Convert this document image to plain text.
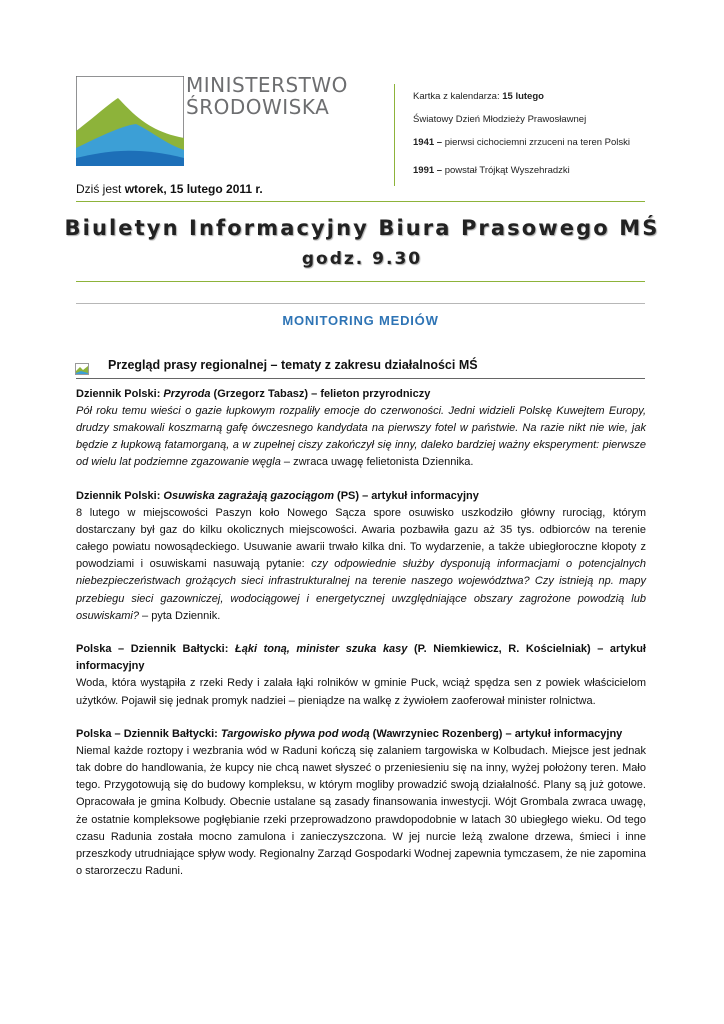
MINISTERSTWO
ŚRODOWISKA	Kartka z kalendarza: 15 lutego

Światowy Dzień Młodzieży Prawosławnej

1941 – pierwsi cichociemni zrzuceni na teren Polski

1991 – powstał Trójkąt Wyszehradzki

Dziś jest wtorek, 15 lutego 2011 r.
Biuletyn Informacyjny Biura Prasowego MŚ
godz. 9.30
MONITORING MEDIÓW
Przegląd prasy regionalnej – tematy z zakresu działalności MŚ

Dziennik Polski: Przyroda (Grzegorz Tabasz) – felieton przyrodniczy

Pół roku temu wieści o gazie łupkowym rozpaliły emocje do czerwoności. Jedni widzieli Polskę Kuwejtem Europy, drudzy smakowali koszmarną gafę ówczesnego kandydata na pierwszy fotel w państwie. Na razie nikt nie wie, jak będzie z łupkową fatamorganą, a w zupełnej ciszy zakończył się inny, daleko bardziej ważny eksperyment: pierwsze od wielu lat podziemne zgazowanie węgla – zwraca uwagę felietonista Dziennika.

Dziennik Polski: Osuwiska zagrażają gazociągom (PS) – artykuł informacyjny

8 lutego w miejscowości Paszyn koło Nowego Sącza spore osuwisko uszkodziło główny rurociąg, którym dostarczany był gaz do kilku okolicznych miejscowości. Awaria pozbawiła gazu aż 35 tys. odbiorców na terenie całego powiatu nowosądeckiego. Usuwanie awarii trwało kilka dni. To wydarzenie, a także ubiegłoroczne kłopoty z powodziami i osuwiskami nasuwają pytanie: czy odpowiednie służby dysponują informacjami o potencjalnych niebezpieczeństwach grożących sieci infrastrukturalnej na terenie naszego województwa? Czy istnieją np. mapy przebiegu sieci gazowniczej, wodociągowej i energetycznej uwzględniające obszary zagrożone powodzią lub osuwiskami? – pyta Dziennik.

Polska – Dziennik Bałtycki: Łąki toną, minister szuka kasy (P. Niemkiewicz, R. Kościelniak) – artykuł informacyjny

Woda, która wystąpiła z rzeki Redy i zalała łąki rolników w gminie Puck, wciąż spędza sen z powiek właścicielom użytków. Pojawił się jednak promyk nadziei – pieniądze na walkę z żywiołem zaoferował minister rolnictwa.

Polska – Dziennik Bałtycki: Targowisko pływa pod wodą (Wawrzyniec Rozenberg) – artykuł informacyjny

Niemal każde roztopy i wezbrania wód w Raduni kończą się zalaniem targowiska w Kolbudach. Miejsce jest jednak tak dobre do handlowania, że kupcy nie chcą nawet słyszeć o przeniesieniu się na inny, wyżej położony teren. Mało tego. Przygotowują się do budowy kompleksu, w którym mogliby prowadzić swoją działalność. Plany są już gotowe. Opracowała je gmina Kolbudy. Obecnie ustalane są zasady finansowania inwestycji. Wójt Grombala zwraca uwagę, że ostatnie kompleksowe pogłębianie rzeki przeprowadzono prawdopodobnie w latach 30 ubiegłego wieku. Od tego czasu Radunia została mocno zamulona i zanieczyszczona. W jej nurcie leżą zwalone drzewa, śmieci i inne przeszkody utrudniające spływ wody. Regionalny Zarząd Gospodarki Wodnej zapewnia tymczasem, że nie zapomina o starorzeczu Raduni.
